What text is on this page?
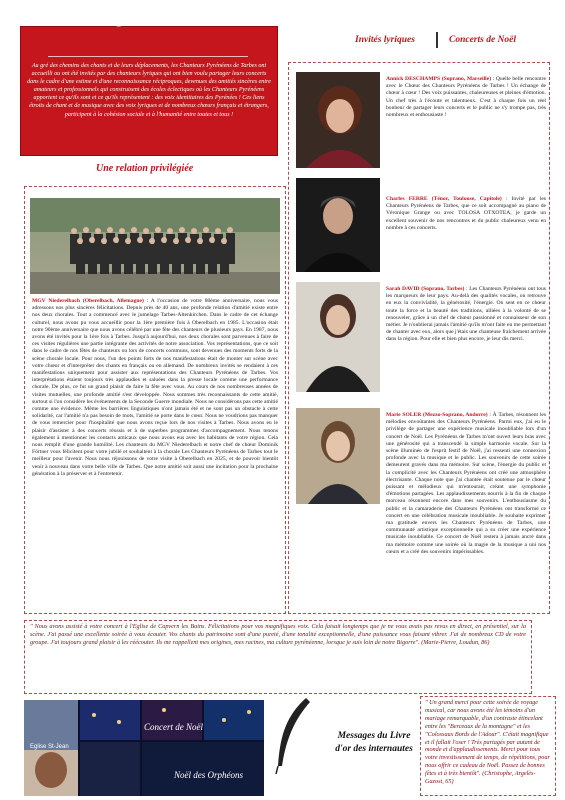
Partages de scènes
Au gré des chemins des chants et de leurs déplacements, les Chanteurs Pyrénéens de Tarbes ont accueilli ou ont été invités par des chanteurs lyriques qui ont bien voulu partager leurs concerts dans le cadre d'une estime et d'une reconnaissance réciproques, devenues des amitiés sincères entre amateurs et professionnels qui construisent des écoles éclectiques où les Chanteurs Pyrénéens apportent ce qu'ils sont et ce qu'ils représentent : des voix identitaires des Pyrénées ! Ces liens étroits de chant et de musique avec des voix lyriques et de nombreux chœurs français et étrangers, participent à la cohésion sociale et à l'humanité entre toutes et tous !
Invités lyriques	Concerts de Noël
Une relation privilégiée
MGV Niederelbach (Oberelbach, Allemagne) : A l'occasion de votre 80ème anniversaire, nous vous adressons nos plus sincères félicitations. Depuis près de 40 ans, une profonde relation d'amitié existe entre nos deux chorales. Tout a commencé avec le jumelage Tarbes-Altenkirchen. Dans le cadre de cet échange culturel, nous avons pu vous accueillir pour la 1ère première fois à Oberelbach en 1985. L'occasion était notre 90ème anniversaire que nous avons célébré par une fête des chanteurs de plusieurs pays. En 1987, nous avons été invités pour la 1ère fois à Tarbes. Jusqu'à aujourd'hui, nos deux chorales sont parvenues à faire de ces visites régulières une partie intégrante des activités de notre association. Vos représentations, que ce soit dans le cadre de nos fêtes de chanteurs ou lors de concerts communs, sont devenues des moments forts de la scène chorale locale. Pour nous, l'un des points forts de nos manifestations était de monter sur scène avec votre chœur et d'interpréter des chants en français ou en allemand. De nombreux invités se rendaient à ces manifestations uniquement pour assister aux représentations des Chanteurs Pyrénéens de Tarbes. Vos interprétations étaient toujours très applaudies et saluées dans la presse locale comme une performance chorale. De plus, ce fut un grand plaisir de faire la fête avec vous. Au cours de nos nombreuses années de visites mutuelles, une profonde amitié s'est développée. Nous sommes très reconnaissants de cette amitié, surtout si l'on considère les événements de la Seconde Guerre mondiale. Nous ne considérons pas cette amitié comme une évidence. Même les barrières linguistiques n'ont jamais été et ne sont pas un obstacle à cette solidarité, car l'amitié n'a pas besoin de mots, l'amitié se porte dans le cœur. Nous ne voudrions pas manquer de vous remercier pour l'hospitalité que nous avons reçue lors de nos visites à Tarbes. Nous avons eu le plaisir d'assister à des concerts réussis et à de superbes programmes d'accompagnement. Nous tenons également à mentionner les contacts amicaux que nous avons eus avec les habitants de votre région. Cela nous remplit d'une grande humilité. Les chanteurs du MGV Niederelbach et notre chef de chœur Dominik Förtner vous félicitent pour votre jubilé et souhaitent à la chorale Les Chanteurs Pyrénéens de Tarbes tout le meilleur pour l'avenir. Nous nous réjouissons de votre visite à Oberelbach en 2025, et de pouvoir bientôt venir à nouveau dans votre belle ville de Tarbes. Que notre amitié soit aussi une incitation pour la prochaine génération à la préserver et à l'entretenir.
Annick DESCHAMPS (Soprano, Marseille) : Quelle belle rencontre avec le Chœur des Chanteurs Pyrénéens de Tarbes ! Un échange de chœur à cœur ! Des voix puissantes, chaleureuses et pleines d'émotion. Un chef très à l'écoute et talentueux. C'est à chaque fois un réel bonheur de partager leurs concerts et le public ne s'y trompe pas, très nombreux et enthousiaste !
Charles FERRE (Ténor, Toulouse, Capitole) : Invité par les Chanteurs Pyrénéens de Tarbes, que ce soit accompagné au piano de Véronique Grange ou avec TOLOSA OTXOTEA, je garde un excellent souvenir de nos rencontres et du public chaleureux venu en nombre à ces concerts.
Sarah DAVID (Soprano, Tarbes) : Les Chanteurs Pyrénéens ont tous les marqueurs de leur pays. Au-delà des qualités vocales, on retrouve en eux la convivialité, la générosité, l'énergie. On sent en ce chœur toute la force et la beauté des traditions, alliées à la volonté de se renouveler, grâce à un chef de chœur passionné et connaisseur de son métier. Je n'oublierai jamais l'amitié qu'ils m'ont faite en me permettant de chanter avec eux, alors que j'étais une chanteuse fraîchement arrivée dans la région. Pour elle et bien plus encore, je leur dis merci.
Marie SOLER (Mezzo-Soprano, Andorre) : À Tarbes, résonnent les mélodies envoûtantes des Chanteurs Pyrénéens. Parmi eux, j'ai eu le privilège de partager une expérience musicale inoubliable lors d'un concert de Noël. Les Pyrénéens de Tarbes m'ont ouvert leurs bras avec une générosité qui a transcendé la simple harmonie vocale. Sur la scène illuminée de l'esprit festif de Noël, j'ai ressenti une connexion profonde avec la musique et le public. Les souvenirs de cette soirée demeurent gravés dans ma mémoire. Sur scène, l'énergie du public et la complicité avec les Chanteurs Pyrénéens ont créé une atmosphère électrisante. Chaque note que j'ai chantée était soutenue par le chœur puissant et mélodieux qui m'entourait, créant une symphonie d'émotions partagées. Les applaudissements nourris à la fin de chaque morceau résonnent encore dans mes souvenirs. L'enthousiasme du public et la camaraderie des Chanteurs Pyrénéens ont transformé ce concert en une célébration musicale inoubliable. Je souhaite exprimer ma gratitude envers les Chanteurs Pyrénéens de Tarbes, une communauté artistique exceptionnelle qui a su créer une expérience musicale inoubliable. Ce concert de Noël restera à jamais ancré dans ma mémoire comme une soirée où la magie de la musique a uni nos cœurs et a créé des souvenirs impérissables.
" Nous avons assisté à votre concert à l'Eglise de Capvern les Bains. Félicitations pour vos magnifiques voix. Cela faisait longtemps que je ne vous avais pas revus en direct, en présentiel, sur la scène. J'ai passé une excellente soirée à vous écouter. Vos chants du patrimoine sont d'une pureté, d'une tonalité exceptionnelle, d'une puissance vous faisant vibrer. J'ai de nombreux CD de votre groupe. J'ai toujours grand plaisir à les réécouter. Ils me rappellent mes origines, mes racines, ma culture pyrénéenne, lorsque je suis loin de notre Bigorre". (Marie-Pierre, Loudun, 86)
Eglise St-Jean
Concert de Noël
Noël des Orphéons
Messages du Livre
d'or des internautes
" Un grand merci pour cette soirée de voyage musical, car nous avons été les témoins d'un mariage remarquable, d'un contraste étincelant entre les "Berceaux de la montagne" et les "Colossaux Bords de l'Adour". C'était magnifique et il fallait l'oser ! Très partagés par autant de monde et d'applaudissements. Merci pour tous votre investissement de temps, de répétitions, pour nous offrir ce cadeau de Noël. Passez de bonnes fêtes et à très bientôt". (Christophe, Argelès-Gazost, 65)
